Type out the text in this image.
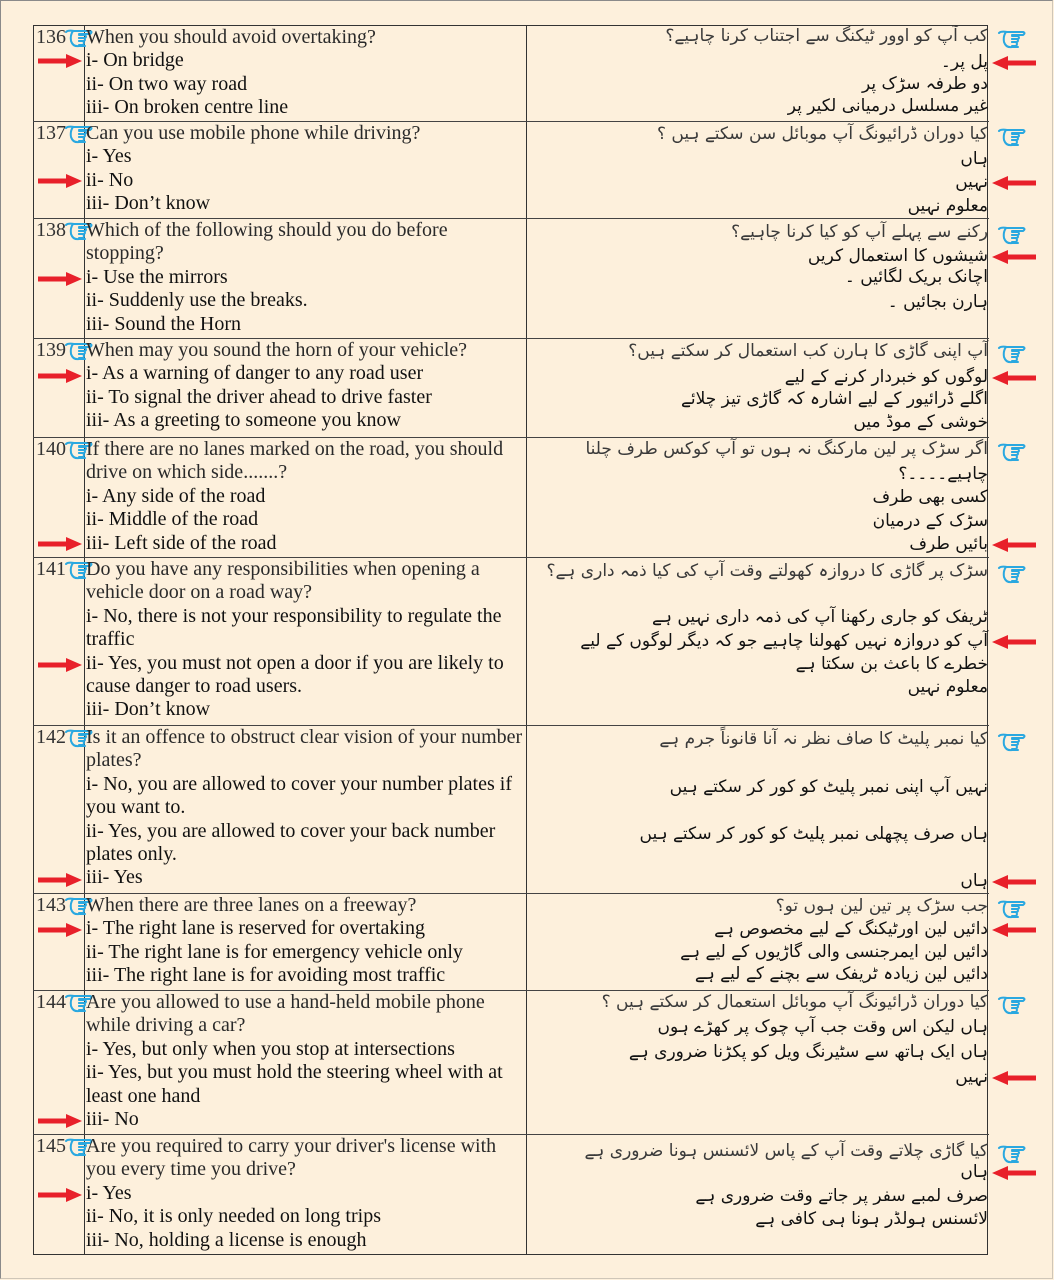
136 When you should avoid overtaking?
i- On bridge
ii- On two way road
iii- On broken centre line
کب آپ کو اوور ٹیکنگ سے اجتناب کرنا چاہیے؟
پل پر۔
دو طرفہ سڑک پر
غیر مسلسل درمیانی لکیر پر
137 Can you use mobile phone while driving?
i- Yes
ii- No
iii- Don’t know
کیا دوران ڈرائیونگ آپ موبائل سن سکتے ہیں ؟
ہاں
نہیں
معلوم نہیں
138 Which of the following should you do before stopping?
i- Use the mirrors
ii- Suddenly use the breaks.
iii- Sound the Horn
رکنے سے پہلے آپ کو کیا کرنا چاہیے؟
شیشوں کا استعمال کریں
اچانک بریک لگائیں ۔
ہارن بجائیں ۔
139 When may you sound the horn of your vehicle?
i- As a warning of danger to any road user
ii- To signal the driver ahead to drive faster
iii- As a greeting to someone you know
آپ اپنی گاڑی کا ہارن کب استعمال کر سکتے ہیں؟
لوگوں کو خبردار کرنے کے لیے
اگلے ڈرائیور کے لیے اشارہ کہ گاڑی تیز چلائے
خوشی کے موڈ میں
140 If there are no lanes marked on the road, you should drive on which side.......?
i- Any side of the road
ii- Middle of the road
iii- Left side of the road
اگر سڑک پر لین مارکنگ نہ ہوں تو آپ کوکس طرف چلنا
چاہیے۔۔۔۔؟
کسی بھی طرف
سڑک کے درمیان
بائیں طرف
141 Do you have any responsibilities when opening a vehicle door on a road way?
i- No, there is not your responsibility to regulate the traffic
ii- Yes, you must not open a door if you are likely to cause danger to road users.
iii- Don’t know
سڑک پر گاڑی کا دروازہ کھولتے وقت آپ کی کیا ذمہ داری ہے؟
ٹریفک کو جاری رکھنا آپ کی ذمہ داری نہیں ہے
آپ کو دروازہ نہیں کھولنا چاہیے جو کہ دیگر لوگوں کے لیے
خطرے کا باعث بن سکتا ہے
معلوم نہیں
142 Is it an offence to obstruct clear vision of your number plates?
i- No, you are allowed to cover your number plates if you want to.
ii- Yes, you are allowed to cover your back number plates only.
iii- Yes
کیا نمبر پلیٹ کا صاف نظر نہ آنا قانوناً جرم ہے
نہیں آپ اپنی نمبر پلیٹ کو کور کر سکتے ہیں
ہاں صرف پچھلی نمبر پلیٹ کو کور کر سکتے ہیں
ہاں
143 When there are three lanes on a freeway?
i- The right lane is reserved for overtaking
ii- The right lane is for emergency vehicle only
iii- The right lane is for avoiding most traffic
جب سڑک پر تین لین ہوں تو؟
دائیں لین اورٹیکنگ کے لیے مخصوص ہے
دائیں لین ایمرجنسی والی گاڑیوں کے لیے ہے
دائیں لین زیادہ ٹریفک سے بچنے کے لیے ہے
144 Are you allowed to use a hand-held mobile phone while driving a car?
i- Yes, but only when you stop at intersections
ii- Yes, but you must hold the steering wheel with at least one hand
iii- No
کیا دوران ڈرائیونگ آپ موبائل استعمال کر سکتے ہیں ؟
ہاں لیکن اس وقت جب آپ چوک پر کھڑے ہوں
ہاں ایک ہاتھ سے سٹیرنگ ویل کو پکڑنا ضروری ہے
نہیں
145 Are you required to carry your driver's license with you every time you drive?
i- Yes
ii- No, it is only needed on long trips
iii- No, holding a license is enough
کیا گاڑی چلاتے وقت آپ کے پاس لائسنس ہونا ضروری ہے
ہاں
صرف لمبے سفر پر جاتے وقت ضروری ہے
لائسنس ہولڈر ہونا ہی کافی ہے
